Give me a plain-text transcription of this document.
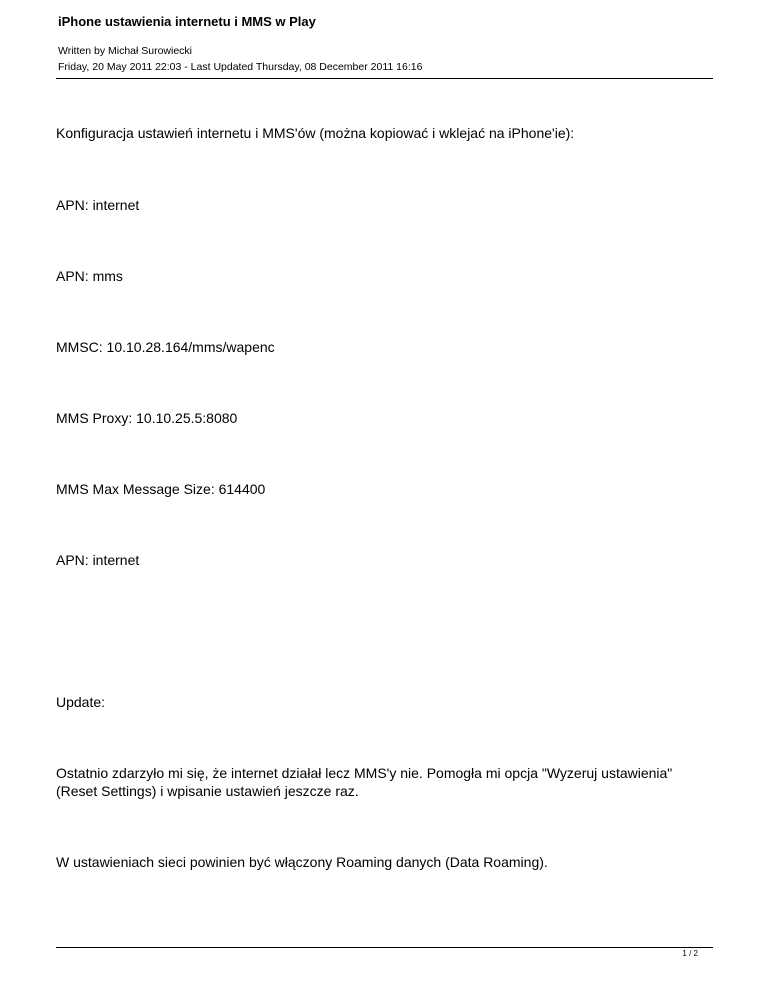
iPhone ustawienia internetu i MMS w Play
Written by Michał Surowiecki
Friday, 20 May 2011 22:03 - Last Updated Thursday, 08 December 2011 16:16
Konfiguracja ustawień internetu i MMS'ów (można kopiować i wklejać na iPhone'ie):
APN: internet
APN: mms
MMSC: 10.10.28.164/mms/wapenc
MMS Proxy: 10.10.25.5:8080
MMS Max Message Size: 614400
APN: internet
Update:
Ostatnio zdarzyło mi się, że internet działał lecz MMS'y nie. Pomogła mi opcja "Wyzeruj ustawienia" (Reset Settings) i wpisanie ustawień jeszcze raz.
W ustawieniach sieci powinien być włączony Roaming danych (Data Roaming).
1 / 2
